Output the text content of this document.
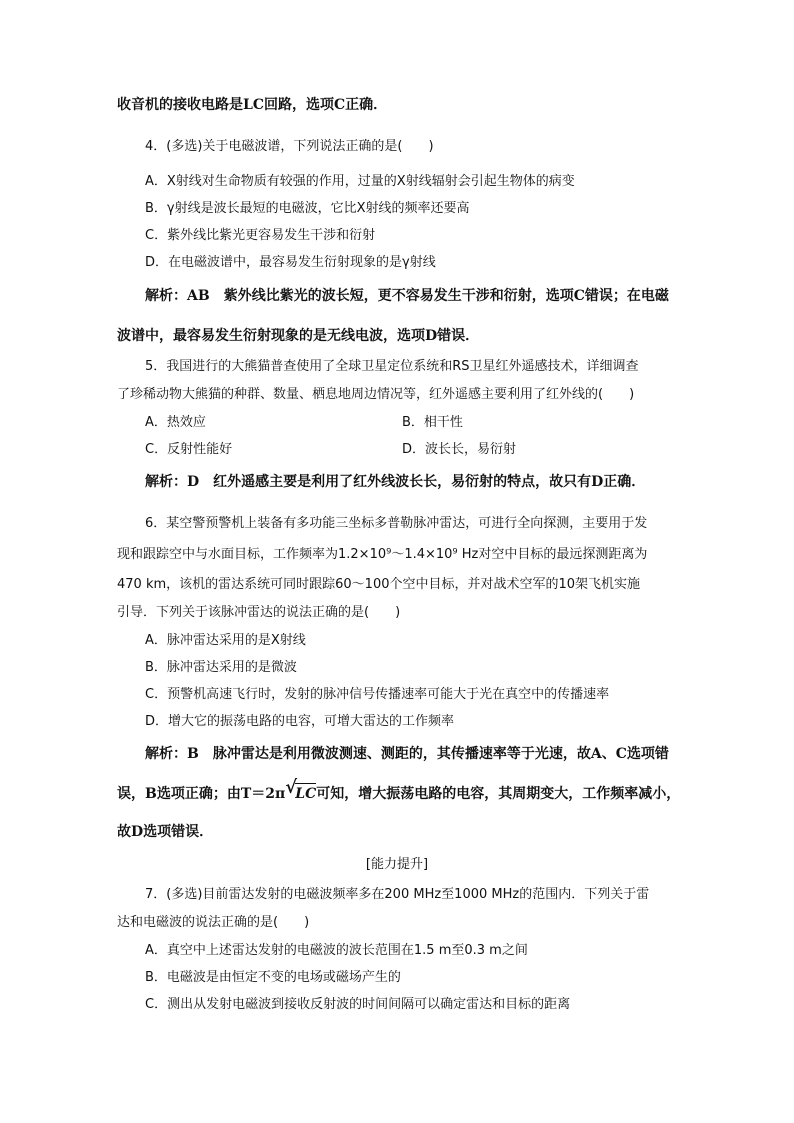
收音机的接收电路是LC回路，选项C正确．
4．(多选)关于电磁波谱，下列说法正确的是(　　)
A．X射线对生命物质有较强的作用，过量的X射线辐射会引起生物体的病变
B．γ射线是波长最短的电磁波，它比X射线的频率还要高
C．紫外线比紫光更容易发生干涉和衍射
D．在电磁波谱中，最容易发生衍射现象的是γ射线
解析：AB　紫外线比紫光的波长短，更不容易发生干涉和衍射，选项C错误；在电磁
波谱中，最容易发生衍射现象的是无线电波，选项D错误．
5．我国进行的大熊猫普查使用了全球卫星定位系统和RS卫星红外遥感技术，详细调查
了珍稀动物大熊猫的种群、数量、栖息地周边情况等，红外遥感主要利用了红外线的(　　)
A．热效应	B．相干性
C．反射性能好	D．波长长，易衍射
解析：D　红外遥感主要是利用了红外线波长长，易衍射的特点，故只有D正确．
6．某空警预警机上装备有多功能三坐标多普勒脉冲雷达，可进行全向探测，主要用于发
现和跟踪空中与水面目标，工作频率为1.2×10⁹～1.4×10⁹ Hz对空中目标的最远探测距离为
470 km，该机的雷达系统可同时跟踪60～100个空中目标，并对战术空军的10架飞机实施
引导．下列关于该脉冲雷达的说法正确的是(　　)
A．脉冲雷达采用的是X射线
B．脉冲雷达采用的是微波
C．预警机高速飞行时，发射的脉冲信号传播速率可能大于光在真空中的传播速率
D．增大它的振荡电路的电容，可增大雷达的工作频率
解析：B　脉冲雷达是利用微波测速、测距的，其传播速率等于光速，故A、C选项错
故D选项错误．
7．(多选)目前雷达发射的电磁波频率多在200 MHz至1000 MHz的范围内．下列关于雷
达和电磁波的说法正确的是(　　)
A．真空中上述雷达发射的电磁波的波长范围在1.5 m至0.3 m之间
B．电磁波是由恒定不变的电场或磁场产生的
C．测出从发射电磁波到接收反射波的时间间隔可以确定雷达和目标的距离
误，B选项正确；由T＝2π √
LC可知，增大振荡电路的电容，其周期变大，工作频率减小，
[能力提升]
